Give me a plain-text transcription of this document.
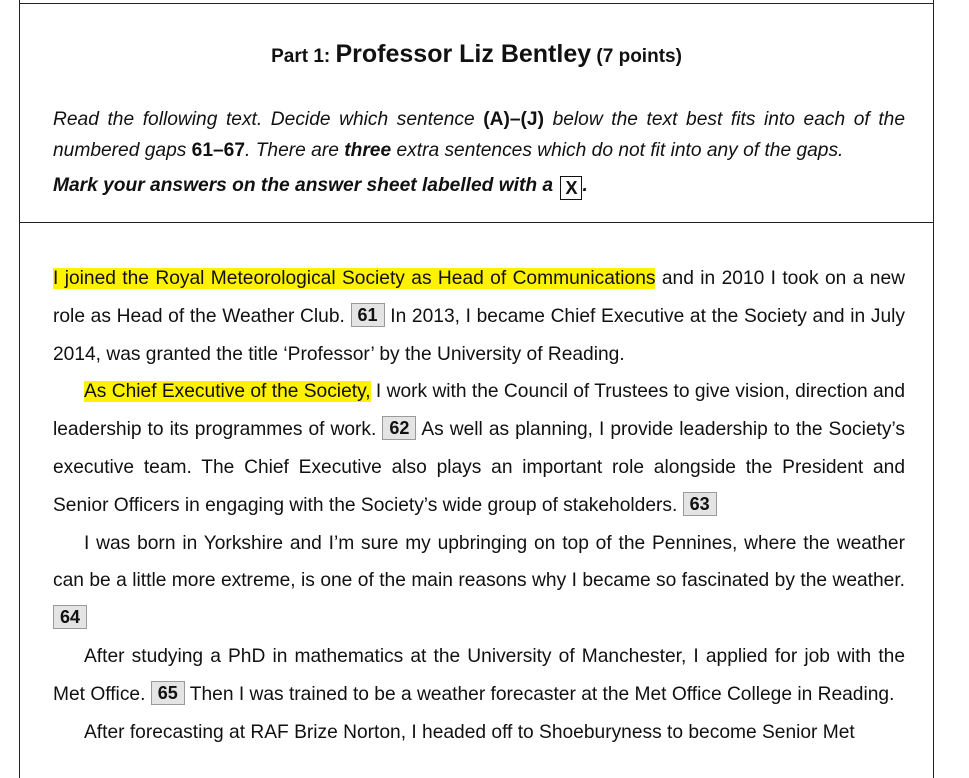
Part 1: Professor Liz Bentley (7 points)
Read the following text. Decide which sentence (A)–(J) below the text best fits into each of the numbered gaps 61–67. There are three extra sentences which do not fit into any of the gaps.
Mark your answers on the answer sheet labelled with a X .

I joined the Royal Meteorological Society as Head of Communications and in 2010 I took on a new role as Head of the Weather Club. 61 In 2013, I became Chief Executive at the Society and in July 2014, was granted the title ‘Professor’ by the University of Reading.

As Chief Executive of the Society, I work with the Council of Trustees to give vision, direction and leadership to its programmes of work. 62 As well as planning, I provide leadership to the Society’s executive team. The Chief Executive also plays an important role alongside the President and Senior Officers in engaging with the Society’s wide group of stakeholders. 63

I was born in Yorkshire and I’m sure my upbringing on top of the Pennines, where the weather can be a little more extreme, is one of the main reasons why I became so fascinated by the weather. 64

After studying a PhD in mathematics at the University of Manchester, I applied for job with the Met Office. 65 Then I was trained to be a weather forecaster at the Met Office College in Reading.

After forecasting at RAF Brize Norton, I headed off to Shoeburyness to become Senior Met
